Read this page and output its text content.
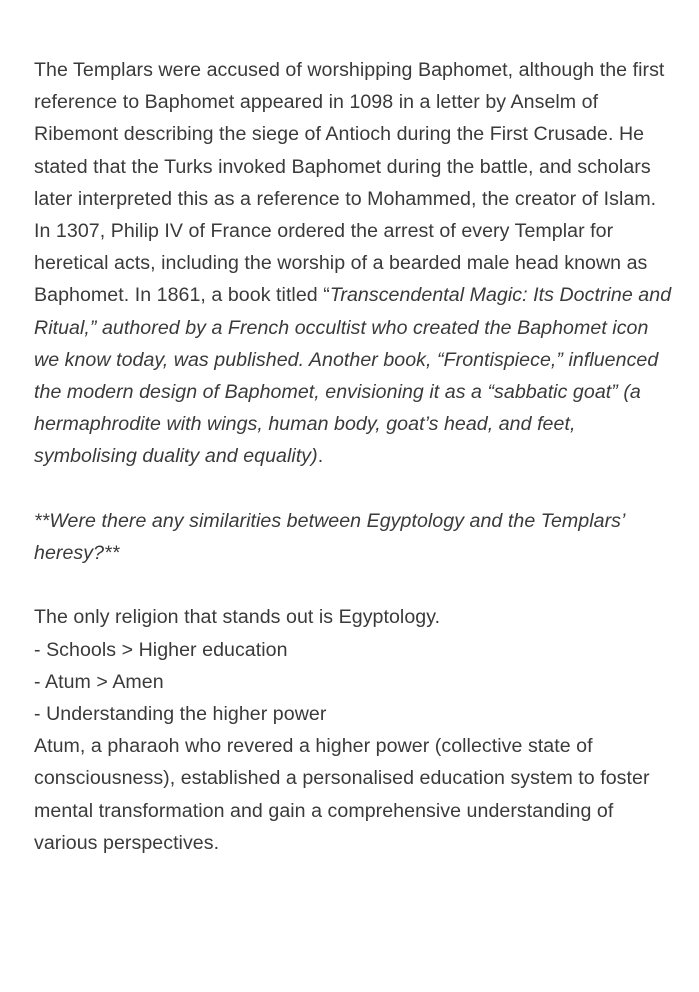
The Templars were accused of worshipping Baphomet, although the first reference to Baphomet appeared in 1098 in a letter by Anselm of Ribemont describing the siege of Antioch during the First Crusade. He stated that the Turks invoked Baphomet during the battle, and scholars later interpreted this as a reference to Mohammed, the creator of Islam.

In 1307, Philip IV of France ordered the arrest of every Templar for heretical acts, including the worship of a bearded male head known as Baphomet. In 1861, a book titled “Transcendental Magic: Its Doctrine and Ritual,” authored by a French occultist who created the Baphomet icon we know today, was published. Another book, “Frontispiece,” influenced the modern design of Baphomet, envisioning it as a “sabbatic goat” (a hermaphrodite with wings, human body, goat’s head, and feet, symbolising duality and equality).

**Were there any similarities between Egyptology and the Templars’ heresy?**

The only religion that stands out is Egyptology.

- Schools > Higher education
- Atum > Amen
- Understanding the higher power

Atum, a pharaoh who revered a higher power (collective state of consciousness), established a personalised education system to foster mental transformation and gain a comprehensive understanding of various perspectives.
